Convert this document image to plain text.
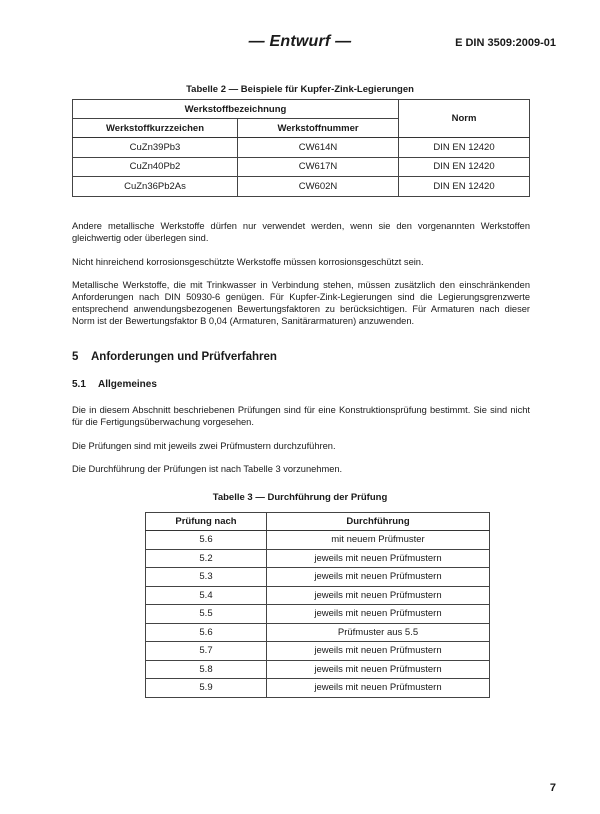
— Entwurf —	E DIN 3509:2009-01
Tabelle 2 — Beispiele für Kupfer-Zink-Legierungen
Werkstoffbezeichnung		Norm
Werkstoffkurzzeichen	Werkstoffnummer	
CuZn39Pb3	CW614N	DIN EN 12420
CuZn40Pb2	CW617N	DIN EN 12420
CuZn36Pb2As	CW602N	DIN EN 12420

Andere metallische Werkstoffe dürfen nur verwendet werden, wenn sie den vorgenannten Werkstoffen gleichwertig oder überlegen sind.

Nicht hinreichend korrosionsgeschützte Werkstoffe müssen korrosionsgeschützt sein.

Metallische Werkstoffe, die mit Trinkwasser in Verbindung stehen, müssen zusätzlich den einschränkenden Anforderungen nach DIN 50930-6 genügen. Für Kupfer-Zink-Legierungen sind die Legierungsgrenzwerte entsprechend anwendungsbezogenen Bewertungsfaktoren zu berücksichtigen. Für Armaturen nach dieser Norm ist der Bewertungsfaktor B 0,04 (Armaturen, Sanitärarmaturen) anzuwenden.

5 Anforderungen und Prüfverfahren
5.1 Allgemeines

Die in diesem Abschnitt beschriebenen Prüfungen sind für eine Konstruktionsprüfung bestimmt. Sie sind nicht für die Fertigungsüberwachung vorgesehen.

Die Prüfungen sind mit jeweils zwei Prüfmustern durchzuführen.

Die Durchführung der Prüfungen ist nach Tabelle 3 vorzunehmen.

Tabelle 3 — Durchführung der Prüfung
Prüfung nach	Durchführung
5.6	mit neuem Prüfmuster
5.2	jeweils mit neuen Prüfmustern
5.3	jeweils mit neuen Prüfmustern
5.4	jeweils mit neuen Prüfmustern
5.5	jeweils mit neuen Prüfmustern
5.6	Prüfmuster aus 5.5
5.7	jeweils mit neuen Prüfmustern
5.8	jeweils mit neuen Prüfmustern
5.9	jeweils mit neuen Prüfmustern
7
